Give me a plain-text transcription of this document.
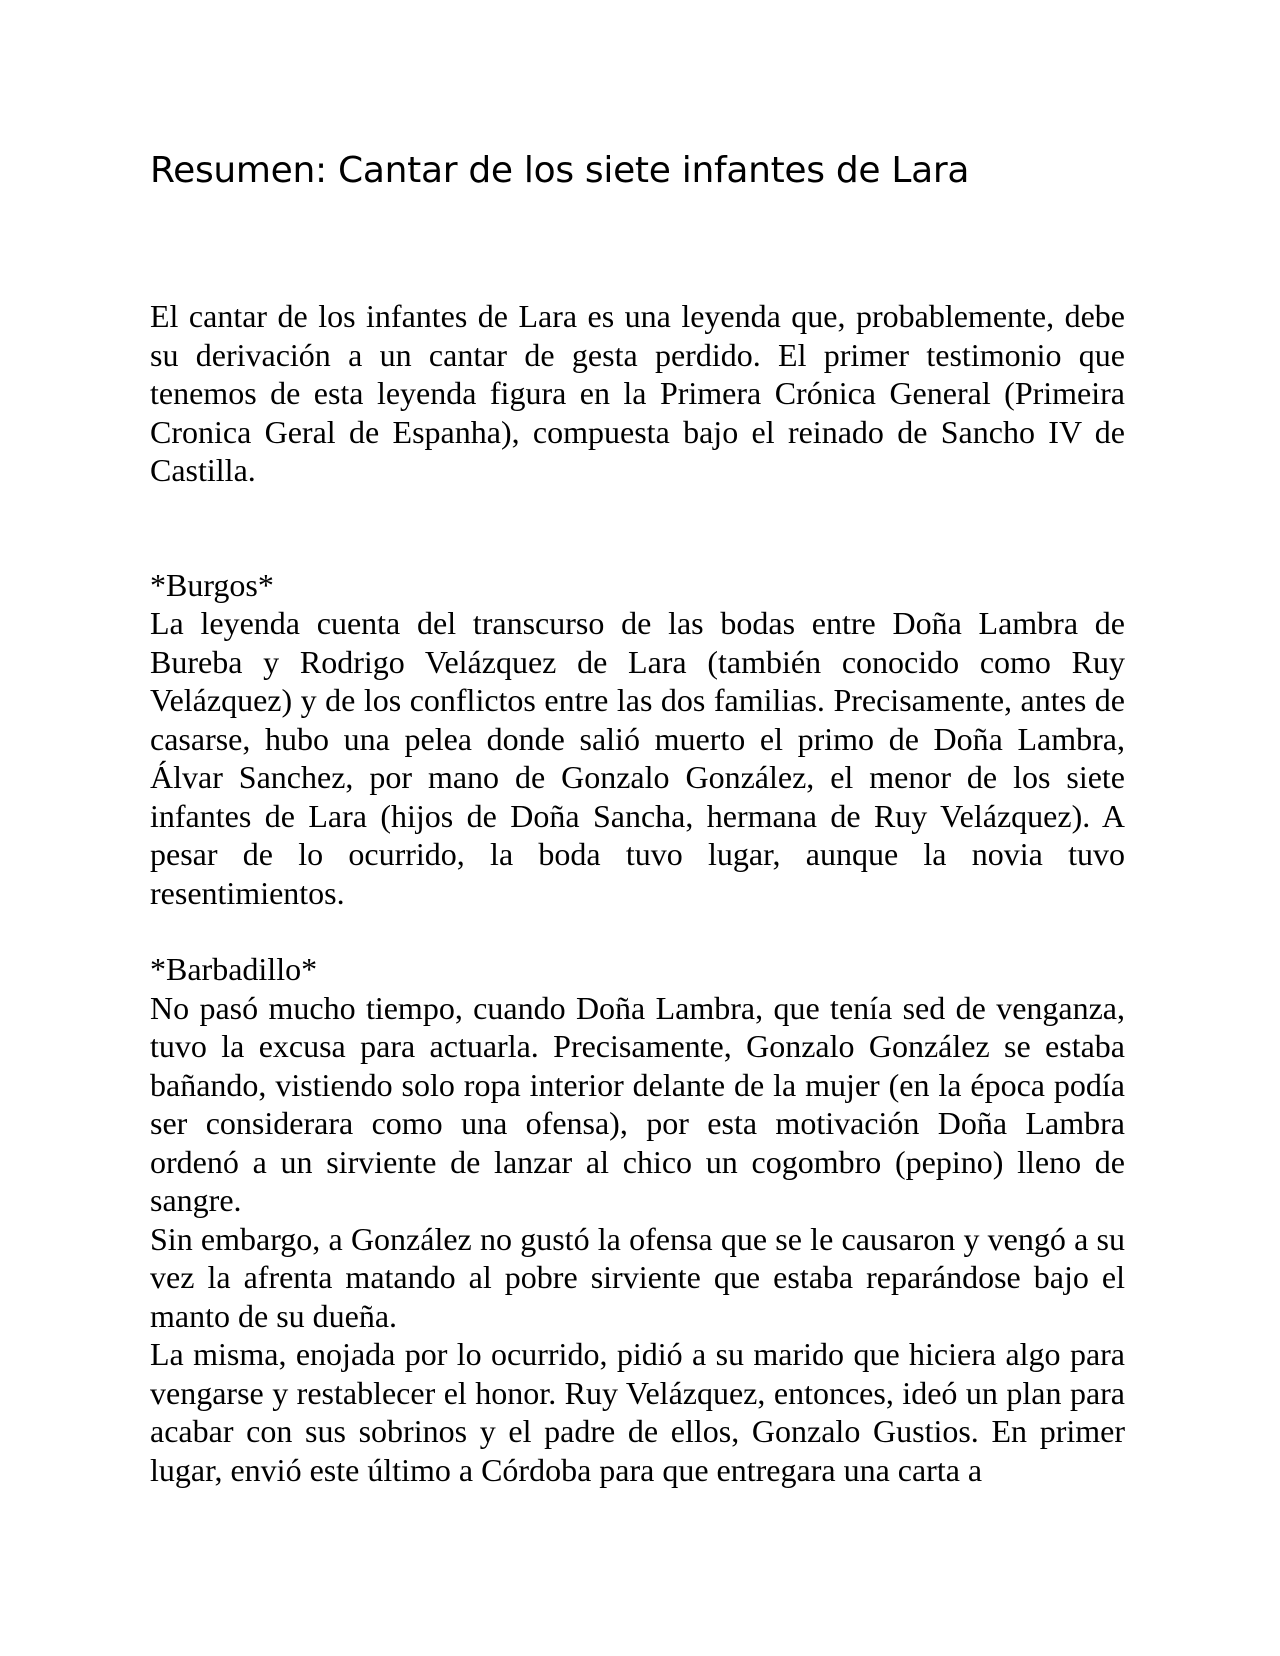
Resumen: Cantar de los siete infantes de Lara

El cantar de los infantes de Lara es una leyenda que, probablemente, debe su derivación a un cantar de gesta perdido. El primer testimonio que tenemos de esta leyenda figura en la Primera Crónica General (Primeira Cronica Geral de Espanha), compuesta bajo el reinado de Sancho IV de Castilla.

*Burgos*

La leyenda cuenta del transcurso de las bodas entre Doña Lambra de Bureba y Rodrigo Velázquez de Lara (también conocido como Ruy Velázquez) y de los conflictos entre las dos familias. Precisamente, antes de casarse, hubo una pelea donde salió muerto el primo de Doña Lambra, Álvar Sanchez, por mano de Gonzalo González, el menor de los siete infantes de Lara (hijos de Doña Sancha, hermana de Ruy Velázquez). A pesar de lo ocurrido, la boda tuvo lugar, aunque la novia tuvo resentimientos.

*Barbadillo*

No pasó mucho tiempo, cuando Doña Lambra, que tenía sed de venganza, tuvo la excusa para actuarla. Precisamente, Gonzalo González se estaba bañando, vistiendo solo ropa interior delante de la mujer (en la época podía ser considerara como una ofensa), por esta motivación Doña Lambra ordenó a un sirviente de lanzar al chico un cogombro (pepino) lleno de sangre.

Sin embargo, a González no gustó la ofensa que se le causaron y vengó a su vez la afrenta matando al pobre sirviente que estaba reparándose bajo el manto de su dueña.

La misma, enojada por lo ocurrido, pidió a su marido que hiciera algo para vengarse y restablecer el honor. Ruy Velázquez, entonces, ideó un plan para acabar con sus sobrinos y el padre de ellos, Gonzalo Gustios. En primer lugar, envió este último a Córdoba para que entregara una carta a
